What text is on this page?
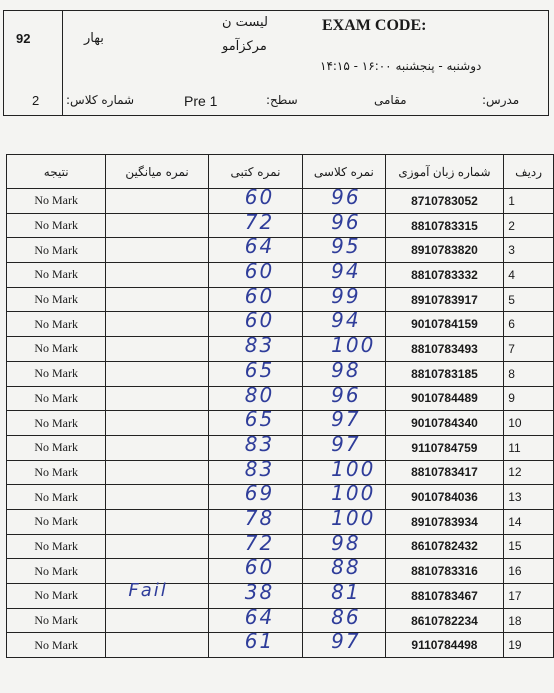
92	بهار
لیست ن
مرکزآمو
EXAM CODE:
دوشنبه - پنجشنبه ۱۶:۰۰ - ۱۴:۱۵
2 شماره کلاس:	Pre 1	سطح:	مقامی	مدرس:
ردیف	شماره زبان آموزی	نمره کلاسی	نمره کتبی	نمره میانگین	نتیجه
1	8710783052	96	60		No Mark
2	8810783315	96	72		No Mark
3	8910783820	95	64		No Mark
4	8810783332	94	60		No Mark
5	8910783917	99	60		No Mark
6	9010784159	94	60		No Mark
7	8810783493	100	83		No Mark
8	8810783185	98	65		No Mark
9	9010784489	96	80		No Mark
10	9010784340	97	65		No Mark
11	9110784759	97	83		No Mark
12	8810783417	100	83		No Mark
13	9010784036	100	69		No Mark
14	8910783934	100	78		No Mark
15	8610782432	98	72		No Mark
16	8810783316	88	60		No Mark
17	8810783467	81	38	Fail	No Mark
18	8610782234	86	64		No Mark
19	9110784498	97	61		No Mark
